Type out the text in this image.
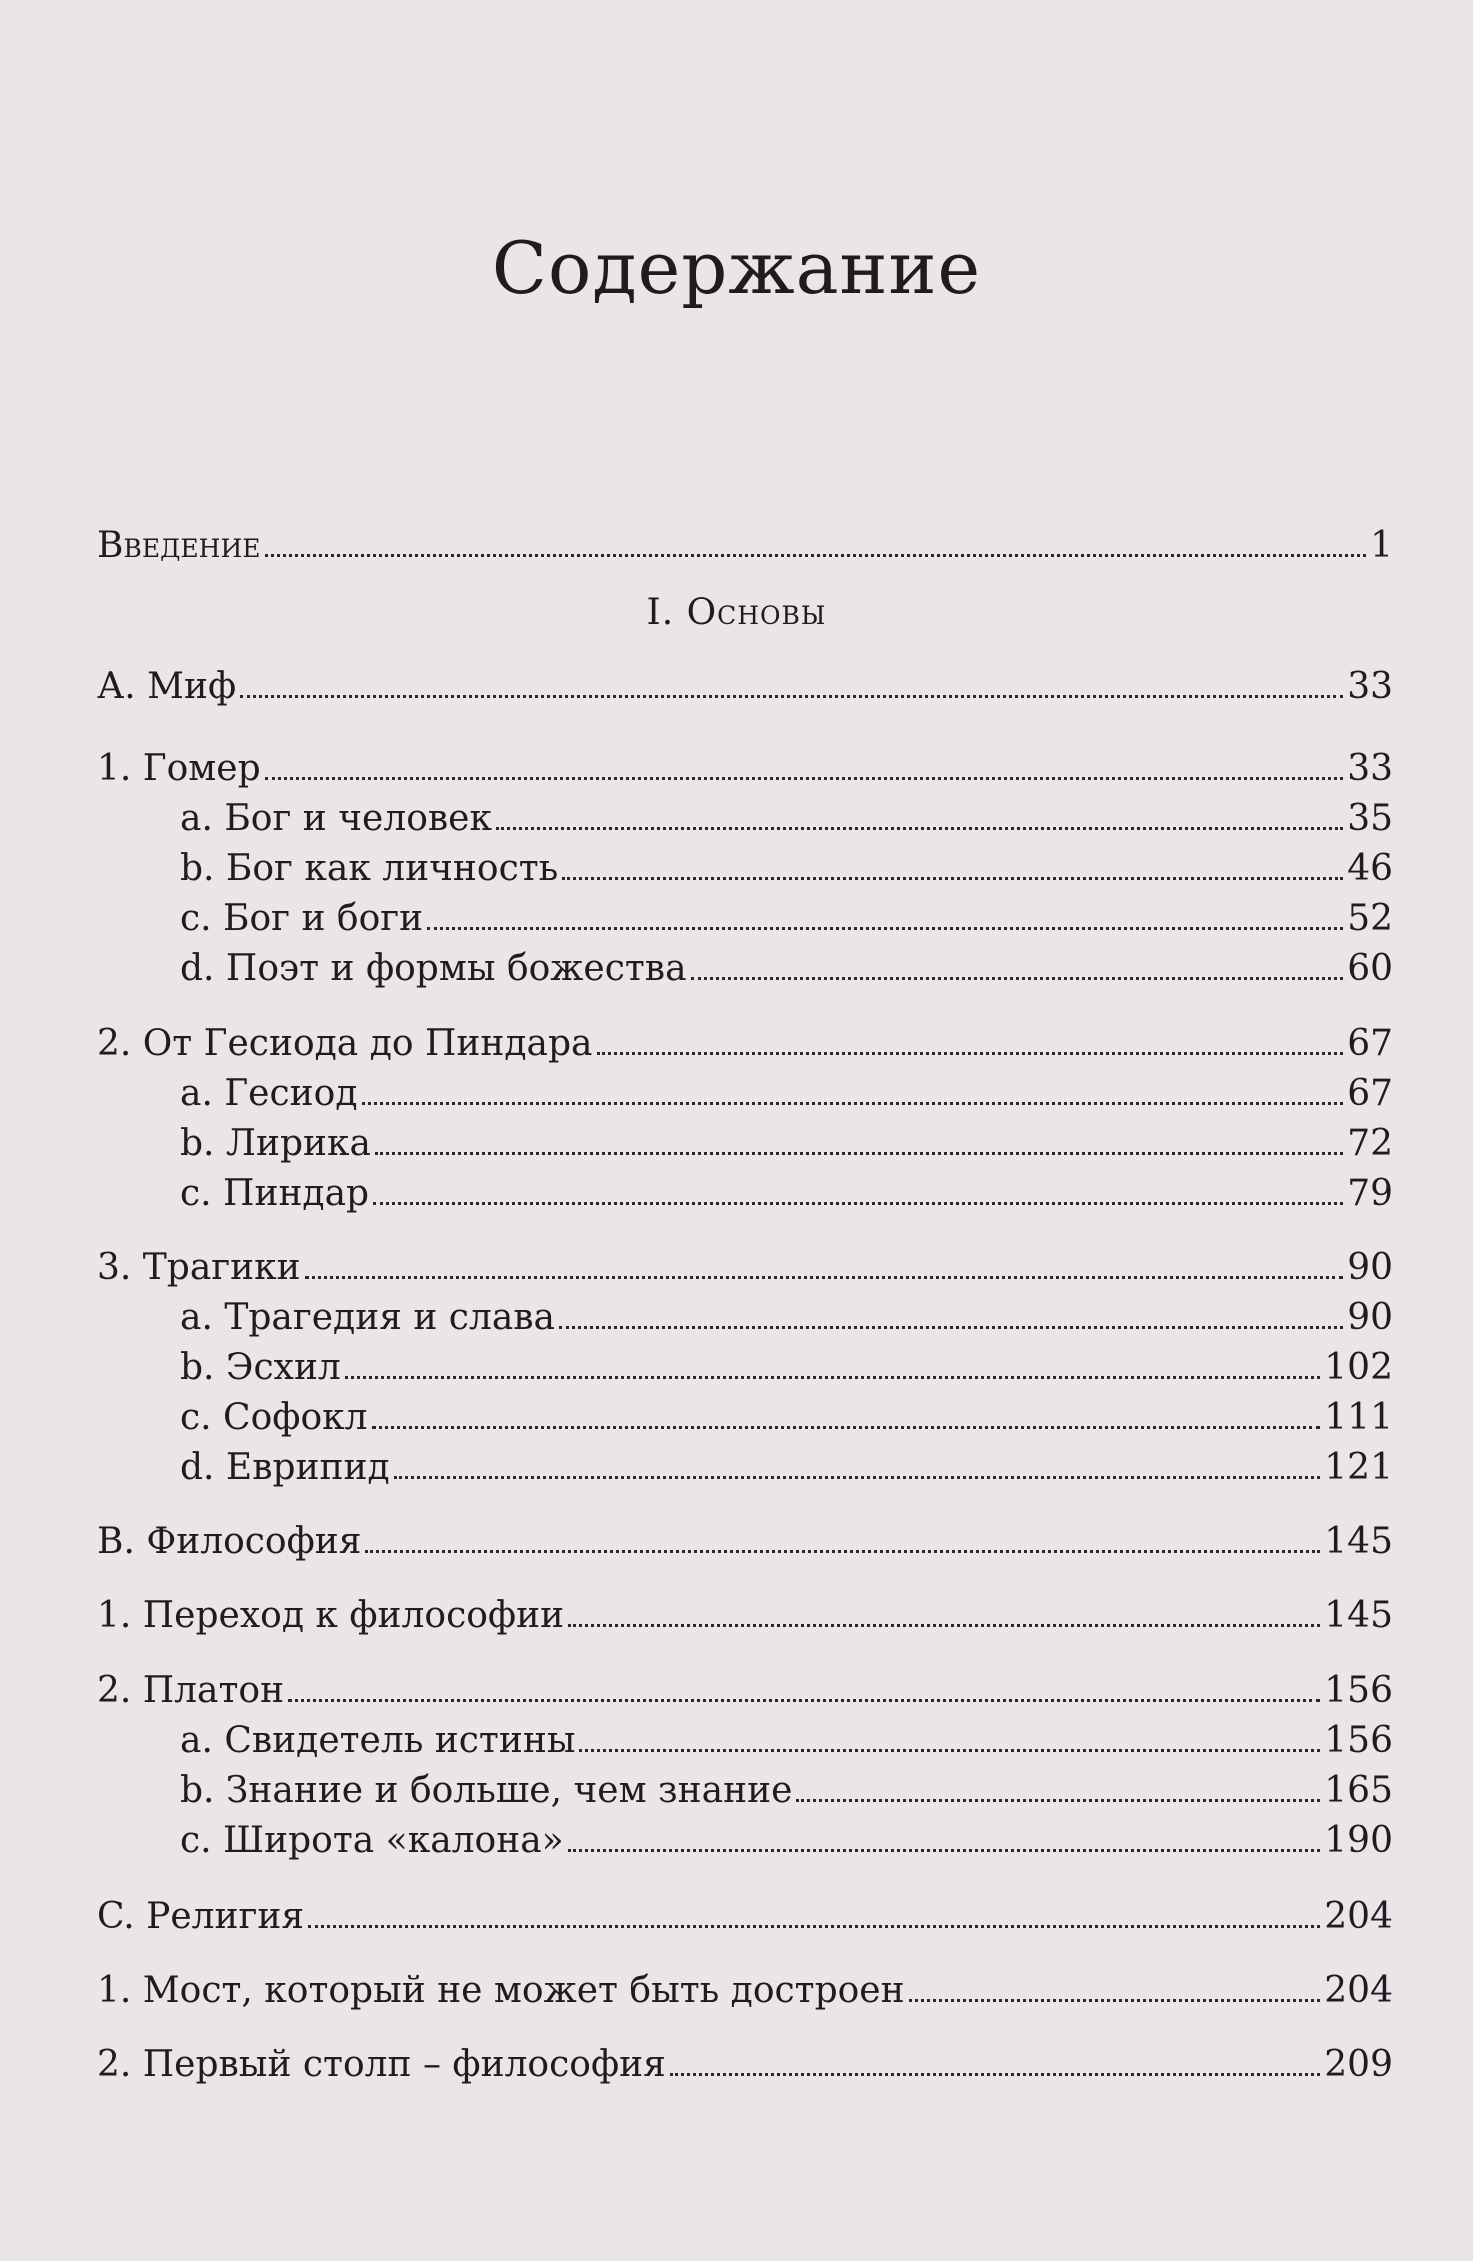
Содержание
Введение	1
I. Основы
А. Миф	33
1. Гомер	33
a. Бог и человек	35
b. Бог как личность	46
c. Бог и боги	52
d. Поэт и формы божества	60
2. От Гесиода до Пиндара	67
a. Гесиод	67
b. Лирика	72
c. Пиндар	79
3. Трагики	90
a. Трагедия и слава	90
b. Эсхил	102
c. Софокл	111
d. Еврипид	121
B. Философия	145
1. Переход к философии	145
2. Платон	156
a. Свидетель истины	156
b. Знание и больше, чем знание	165
c. Широта «калона»	190
C. Религия	204
1. Мост, который не может быть достроен	204
2. Первый столп – философия	209
